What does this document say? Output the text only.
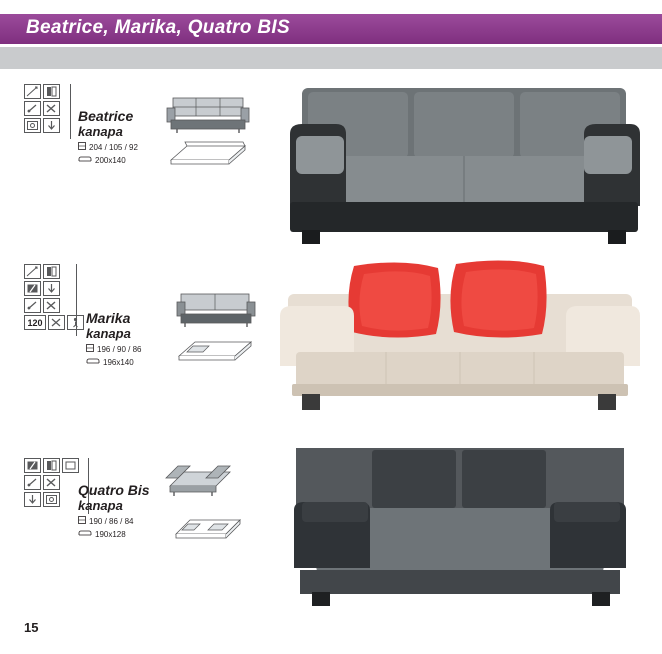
Beatrice, Marika, Quatro BIS
Beatrice
kanapa
204 / 105 / 92
200x140
120	Marika
kanapa
196 / 90 / 86
196x140
Quatro Bis
kanapa
190 / 86 / 84
190x128
15
